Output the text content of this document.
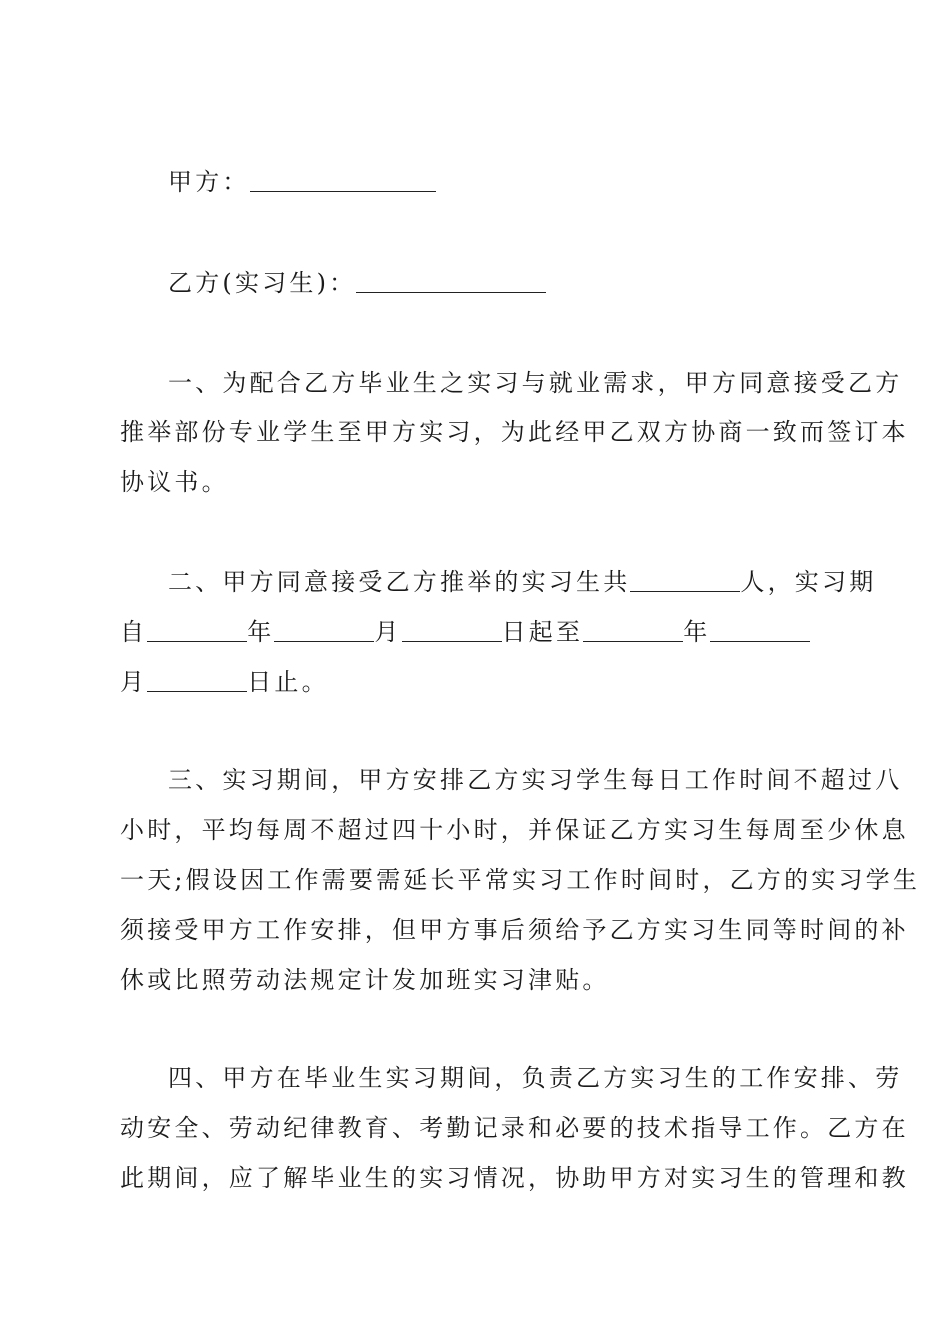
甲方：
乙方(实习生)：
一、为配合乙方毕业生之实习与就业需求，甲方同意接受乙方
推举部份专业学生至甲方实习，为此经甲乙双方协商一致而签订本
协议书。
二、甲方同意接受乙方推举的实习生共	人，实习期
自	年	月	日起至	年
月	日止。
三、实习期间，甲方安排乙方实习学生每日工作时间不超过八
小时，平均每周不超过四十小时，并保证乙方实习生每周至少休息
一天;假设因工作需要需延长平常实习工作时间时，乙方的实习学生
须接受甲方工作安排，但甲方事后须给予乙方实习生同等时间的补
休或比照劳动法规定计发加班实习津贴。
四、甲方在毕业生实习期间，负责乙方实习生的工作安排、劳
动安全、劳动纪律教育、考勤记录和必要的技术指导工作。乙方在
此期间，应了解毕业生的实习情况，协助甲方对实习生的管理和教
